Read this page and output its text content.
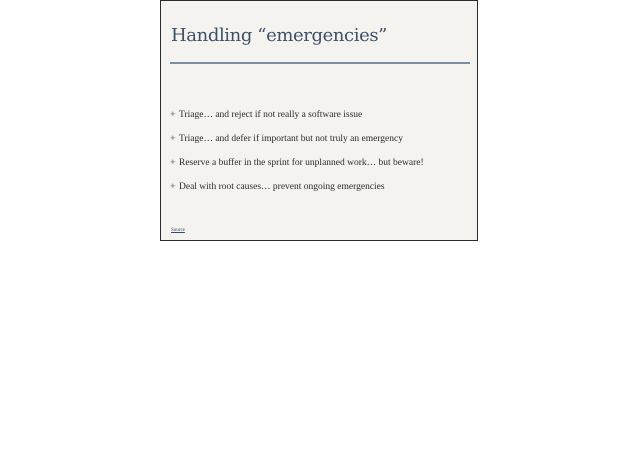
Handling “emergencies”
✦ Triage… and reject if not really a software issue
✦ Triage… and defer if important but not truly an emergency
✦ Reserve a buffer in the sprint for unplanned work… but beware!
✦ Deal with root causes… prevent ongoing emergencies
Source
